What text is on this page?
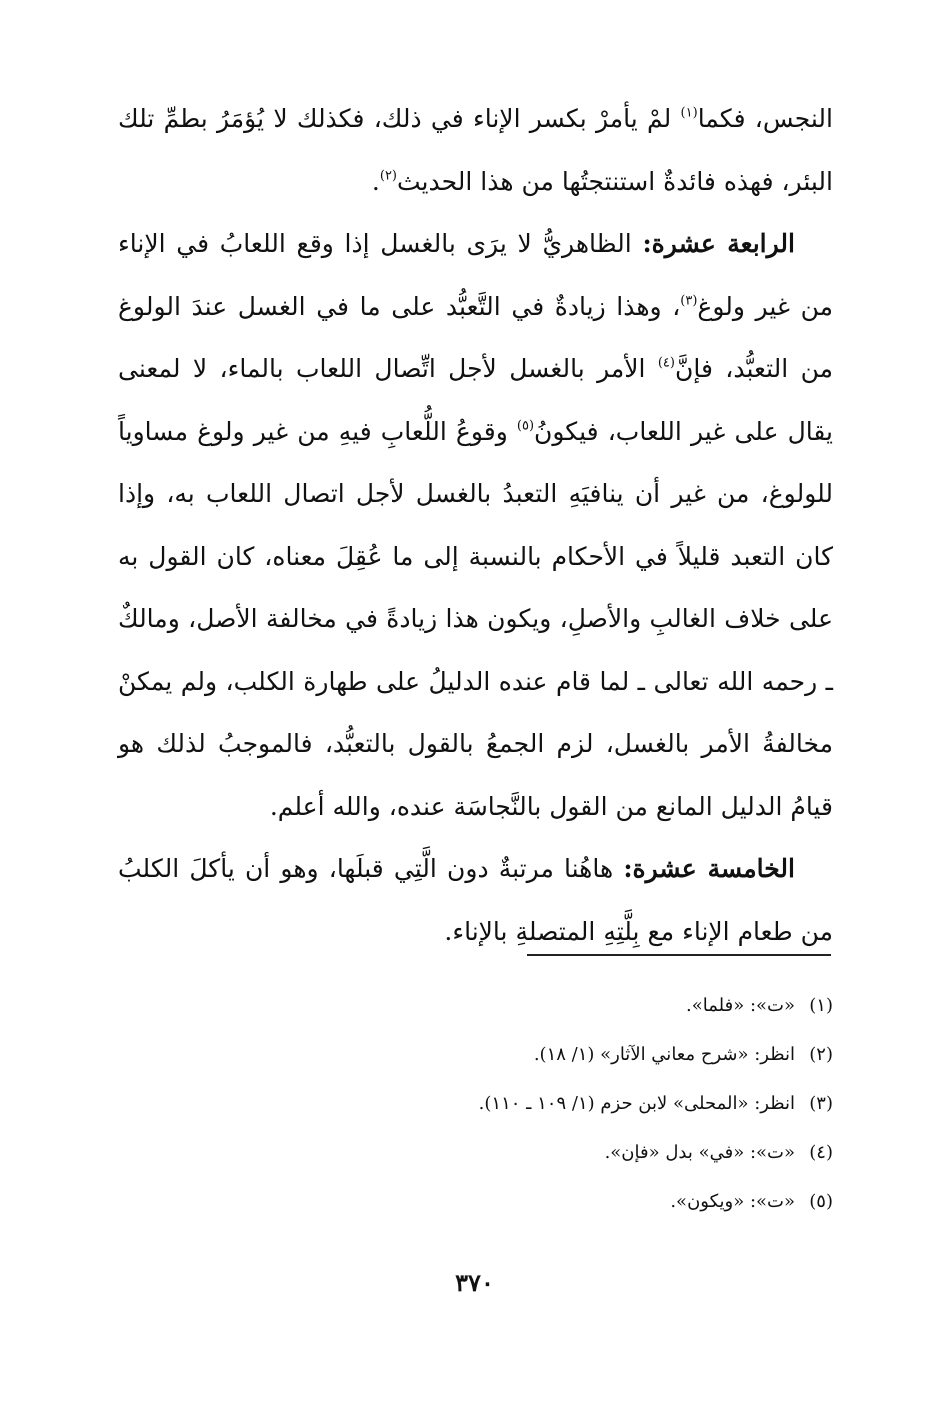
النجس، فكما$^{(١)}$ لمْ يأمرْ بكسر الإناء في ذلك، فكذلك لا يُؤمَرُ بطمِّ تلك البئر، فهذه فائدةٌ استنتجتُها من هذا الحديث$^{(٢)}$.

الرابعة عشرة: الظاهريُّ لا يرَى بالغسل إذا وقع اللعابُ في الإناء من غير ولوغ$^{(٣)}$، وهذا زيادةٌ في التَّعبُّد على ما في الغسل عندَ الولوغ من التعبُّد، فإنَّ$^{(٤)}$ الأمر بالغسل لأجل اتِّصال اللعاب بالماء، لا لمعنى يقال على غير اللعاب، فيكونُ$^{(٥)}$ وقوعُ اللُّعابِ فيهِ من غير ولوغ مساوياً للولوغ، من غير أن ينافيَهِ التعبدُ بالغسل لأجل اتصال اللعاب به، وإذا كان التعبد قليلاً في الأحكام بالنسبة إلى ما عُقِلَ معناه، كان القول به على خلاف الغالبِ والأصلِ، ويكون هذا زيادةً في مخالفة الأصل، ومالكٌ ـ رحمه الله تعالى ـ لما قام عنده الدليلُ على طهارة الكلب، ولم يمكنْ مخالفةُ الأمر بالغسل، لزم الجمعُ بالقول بالتعبُّد، فالموجبُ لذلك هو قيامُ الدليل المانع من القول بالنَّجاسَة عنده، والله أعلم.

الخامسة عشرة: هاهُنا مرتبةٌ دون الَّتِي قبلَها، وهو أن يأكلَ الكلبُ من طعام الإناء مع بِلَّتِهِ المتصلةِ بالإناء.

(١)«ت»: «فلما».

(٢)انظر: «شرح معاني الآثار» (١/ ١٨).

(٣)انظر: «المحلى» لابن حزم (١/ ١٠٩ ـ ١١٠).

(٤)«ت»: «في» بدل «فإن».

(٥)«ت»: «ويكون».

٣٧٠
